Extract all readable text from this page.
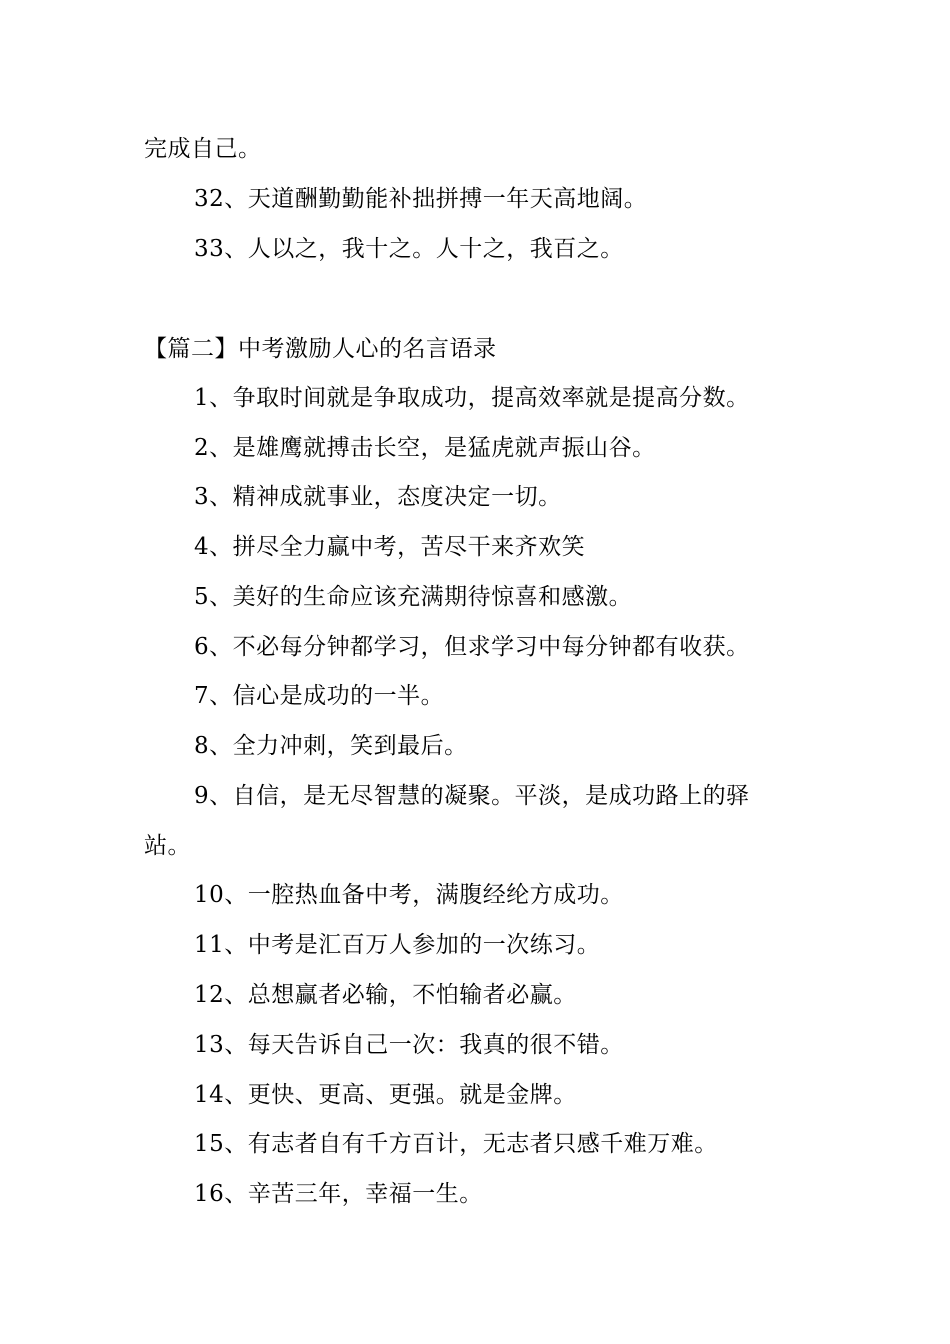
完成自己。
32、天道酬勤勤能补拙拼搏一年天高地阔。
33、人以之，我十之。人十之，我百之。
【篇二】中考激励人心的名言语录
1、争取时间就是争取成功，提高效率就是提高分数。
2、是雄鹰就搏击长空，是猛虎就声振山谷。
3、精神成就事业，态度决定一切。
4、拼尽全力赢中考，苦尽干来齐欢笑
5、美好的生命应该充满期待惊喜和感激。
6、不必每分钟都学习，但求学习中每分钟都有收获。
7、信心是成功的一半。
8、全力冲刺，笑到最后。
9、自信，是无尽智慧的凝聚。平淡，是成功路上的驿
站。
10、一腔热血备中考，满腹经纶方成功。
11、中考是汇百万人参加的一次练习。
12、总想赢者必输，不怕输者必赢。
13、每天告诉自己一次：我真的很不错。
14、更快、更高、更强。就是金牌。
15、有志者自有千方百计，无志者只感千难万难。
16、辛苦三年，幸福一生。
